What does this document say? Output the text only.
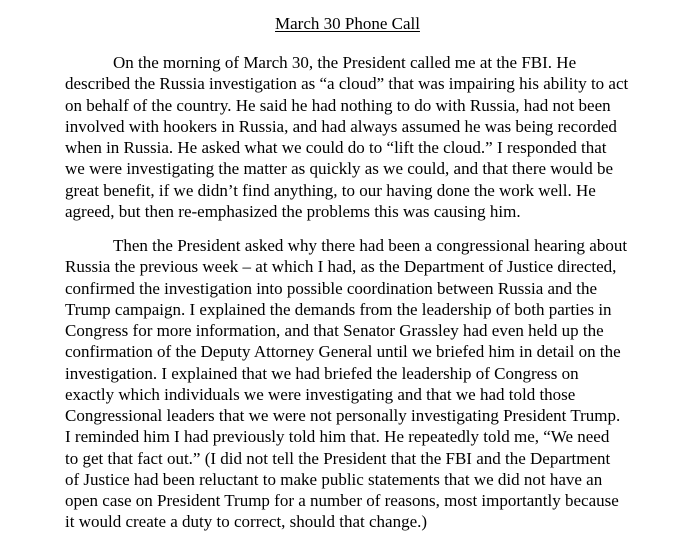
March 30 Phone Call
On the morning of March 30, the President called me at the FBI. He
described the Russia investigation as “a cloud” that was impairing his ability to act
on behalf of the country. He said he had nothing to do with Russia, had not been
involved with hookers in Russia, and had always assumed he was being recorded
when in Russia. He asked what we could do to “lift the cloud.” I responded that
we were investigating the matter as quickly as we could, and that there would be
great benefit, if we didn’t find anything, to our having done the work well. He
agreed, but then re-emphasized the problems this was causing him.
Then the President asked why there had been a congressional hearing about
Russia the previous week – at which I had, as the Department of Justice directed,
confirmed the investigation into possible coordination between Russia and the
Trump campaign. I explained the demands from the leadership of both parties in
Congress for more information, and that Senator Grassley had even held up the
confirmation of the Deputy Attorney General until we briefed him in detail on the
investigation. I explained that we had briefed the leadership of Congress on
exactly which individuals we were investigating and that we had told those
Congressional leaders that we were not personally investigating President Trump.
I reminded him I had previously told him that. He repeatedly told me, “We need
to get that fact out.” (I did not tell the President that the FBI and the Department
of Justice had been reluctant to make public statements that we did not have an
open case on President Trump for a number of reasons, most importantly because
it would create a duty to correct, should that change.)
